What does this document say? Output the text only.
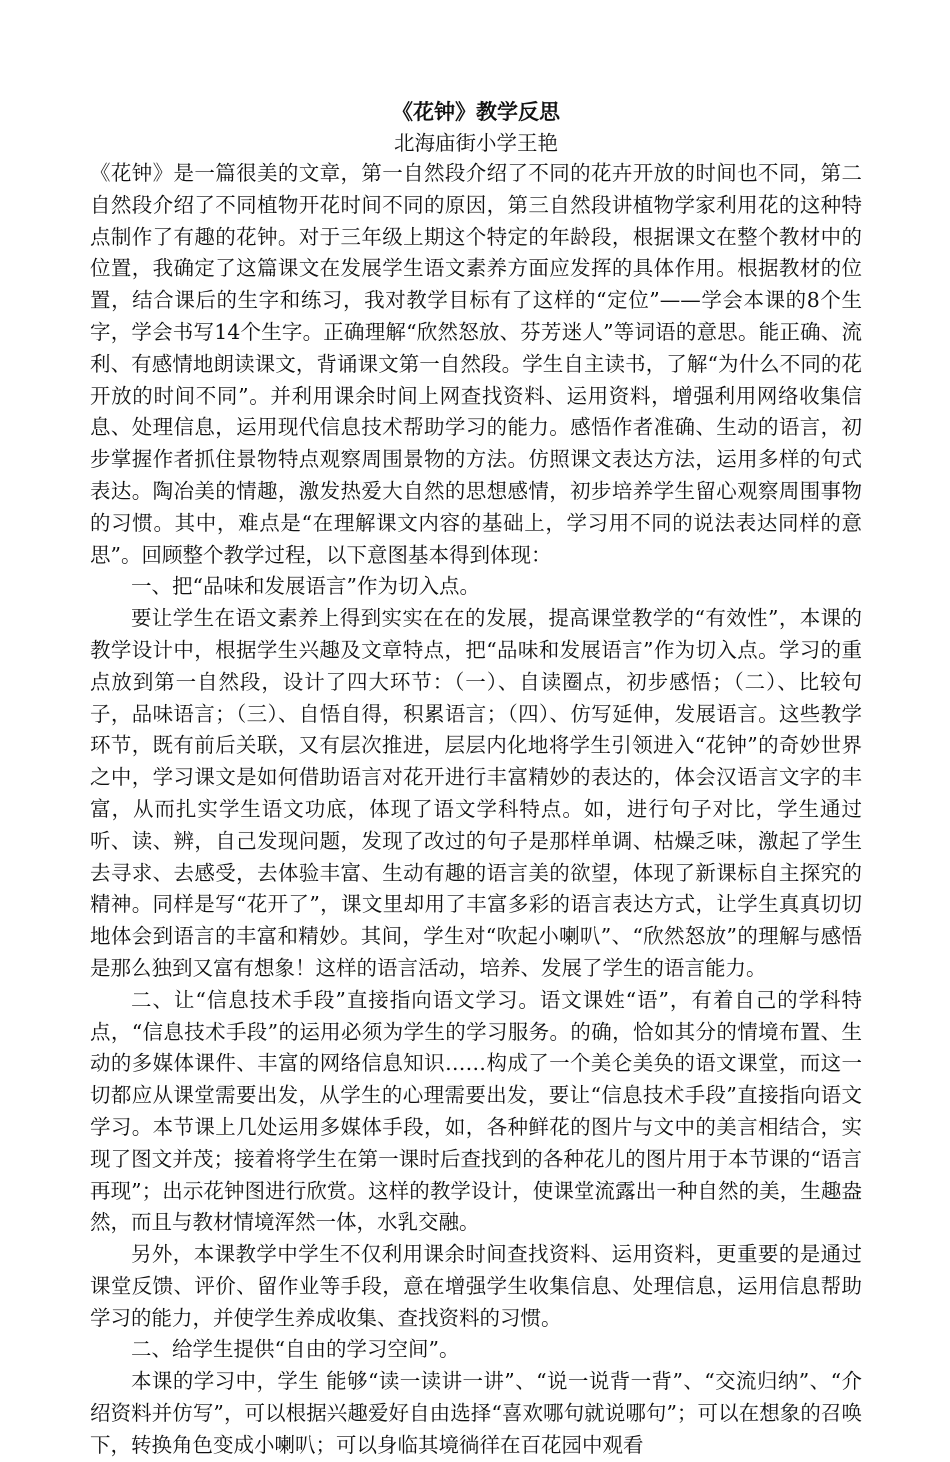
《花钟》教学反思
北海庙街小学王艳

《花钟》是一篇很美的文章，第一自然段介绍了不同的花卉开放的时间也不同，第二自然段介绍了不同植物开花时间不同的原因，第三自然段讲植物学家利用花的这种特点制作了有趣的花钟。对于三年级上期这个特定的年龄段，根据课文在整个教材中的位置，我确定了这篇课文在发展学生语文素养方面应发挥的具体作用。根据教材的位置，结合课后的生字和练习，我对教学目标有了这样的“定位”——学会本课的8个生字，学会书写14个生字。正确理解“欣然怒放、芬芳迷人”等词语的意思。能正确、流利、有感情地朗读课文，背诵课文第一自然段。学生自主读书，了解“为什么不同的花开放的时间不同”。并利用课余时间上网查找资料、运用资料，增强利用网络收集信息、处理信息，运用现代信息技术帮助学习的能力。感悟作者准确、生动的语言，初步掌握作者抓住景物特点观察周围景物的方法。仿照课文表达方法，运用多样的句式表达。陶冶美的情趣，激发热爱大自然的思想感情，初步培养学生留心观察周围事物的习惯。其中，难点是“在理解课文内容的基础上，学习用不同的说法表达同样的意思”。回顾整个教学过程，以下意图基本得到体现：

一、把“品味和发展语言”作为切入点。

要让学生在语文素养上得到实实在在的发展，提高课堂教学的“有效性”，本课的教学设计中，根据学生兴趣及文章特点，把“品味和发展语言”作为切入点。学习的重点放到第一自然段，设计了四大环节：（一）、自读圈点，初步感悟；（二）、比较句子，品味语言；（三）、自悟自得，积累语言；（四）、仿写延伸，发展语言。这些教学环节，既有前后关联，又有层次推进，层层内化地将学生引领进入“花钟”的奇妙世界之中，学习课文是如何借助语言对花开进行丰富精妙的表达的，体会汉语言文字的丰富，从而扎实学生语文功底，体现了语文学科特点。如，进行句子对比，学生通过听、读、辨，自己发现问题，发现了改过的句子是那样单调、枯燥乏味，激起了学生去寻求、去感受，去体验丰富、生动有趣的语言美的欲望，体现了新课标自主探究的精神。同样是写“花开了”，课文里却用了丰富多彩的语言表达方式，让学生真真切切地体会到语言的丰富和精妙。其间，学生对“吹起小喇叭”、“欣然怒放”的理解与感悟是那么独到又富有想象！这样的语言活动，培养、发展了学生的语言能力。

二、让“信息技术手段”直接指向语文学习。语文课姓“语”，有着自己的学科特点，“信息技术手段”的运用必须为学生的学习服务。的确，恰如其分的情境布置、生动的多媒体课件、丰富的网络信息知识……构成了一个美仑美奂的语文课堂，而这一切都应从课堂需要出发，从学生的心理需要出发，要让“信息技术手段”直接指向语文学习。本节课上几处运用多媒体手段，如，各种鲜花的图片与文中的美言相结合，实现了图文并茂；接着将学生在第一课时后查找到的各种花儿的图片用于本节课的“语言再现”；出示花钟图进行欣赏。这样的教学设计，使课堂流露出一种自然的美，生趣盎然，而且与教材情境浑然一体，水乳交融。

另外，本课教学中学生不仅利用课余时间查找资料、运用资料，更重要的是通过课堂反馈、评价、留作业等手段，意在增强学生收集信息、处理信息，运用信息帮助学习的能力，并使学生养成收集、查找资料的习惯。

二、给学生提供“自由的学习空间”。

本课的学习中，学生 能够“读一读讲一讲”、“说一说背一背”、“交流归纳”、“介绍资料并仿写”，可以根据兴趣爱好自由选择“喜欢哪句就说哪句”；可以在想象的召唤下，转换角色变成小喇叭；可以身临其境徜徉在百花园中观看
